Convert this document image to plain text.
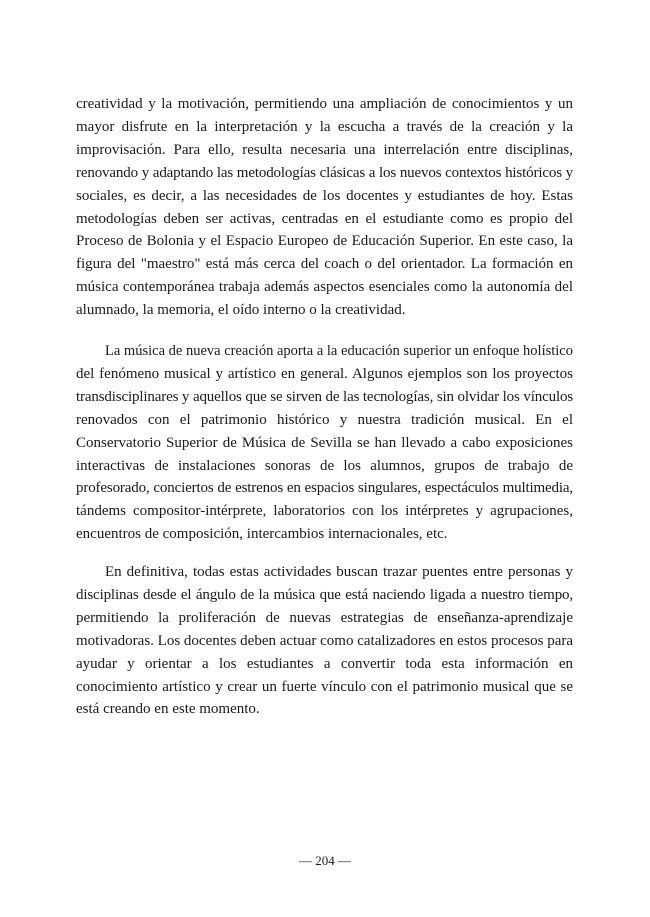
creatividad y la motivación, permitiendo una ampliación de conocimientos y un
mayor disfrute en la interpretación y la escucha a través de la creación y la
improvisación. Para ello, resulta necesaria una interrelación entre disciplinas,
renovando y adaptando las metodologías clásicas a los nuevos contextos históricos y
sociales, es decir, a las necesidades de los docentes y estudiantes de hoy. Estas
metodologías deben ser activas, centradas en el estudiante como es propio del
Proceso de Bolonia y el Espacio Europeo de Educación Superior. En este caso, la
figura del "maestro" está más cerca del coach o del orientador. La formación en
música contemporánea trabaja además aspectos esenciales como la autonomía del
alumnado, la memoria, el oído interno o la creatividad.
La música de nueva creación aporta a la educación superior un enfoque holístico
del fenómeno musical y artístico en general. Algunos ejemplos son los proyectos
transdisciplinares y aquellos que se sirven de las tecnologías, sin olvidar los vínculos
renovados con el patrimonio histórico y nuestra tradición musical. En el
Conservatorio Superior de Música de Sevilla se han llevado a cabo exposiciones
interactivas de instalaciones sonoras de los alumnos, grupos de trabajo de
profesorado, conciertos de estrenos en espacios singulares, espectáculos multimedia,
tándems compositor-intérprete, laboratorios con los intérpretes y agrupaciones,
encuentros de composición, intercambios internacionales, etc.
En definitiva, todas estas actividades buscan trazar puentes entre personas y
disciplinas desde el ángulo de la música que está naciendo ligada a nuestro tiempo,
permitiendo la proliferación de nuevas estrategias de enseñanza-aprendizaje
motivadoras. Los docentes deben actuar como catalizadores en estos procesos para
ayudar y orientar a los estudiantes a convertir toda esta información en
conocimiento artístico y crear un fuerte vínculo con el patrimonio musical que se
está creando en este momento.
— 204 —
